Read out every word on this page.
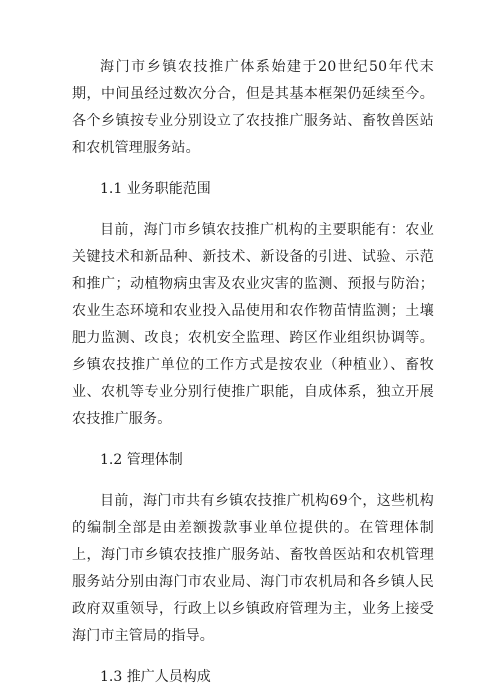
海门市乡镇农技推广体系始建于20世纪50年代末期，中间虽经过数次分合，但是其基本框架仍延续至今。各个乡镇按专业分别设立了农技推广服务站、畜牧兽医站和农机管理服务站。

1.1 业务职能范围

目前，海门市乡镇农技推广机构的主要职能有：农业关键技术和新品种、新技术、新设备的引进、试验、示范和推广；动植物病虫害及农业灾害的监测、预报与防治；农业生态环境和农业投入品使用和农作物苗情监测；土壤肥力监测、改良；农机安全监理、跨区作业组织协调等。乡镇农技推广单位的工作方式是按农业（种植业）、畜牧业、农机等专业分别行使推广职能，自成体系，独立开展农技推广服务。

1.2 管理体制

目前，海门市共有乡镇农技推广机构69个，这些机构的编制全部是由差额拨款事业单位提供的。在管理体制上，海门市乡镇农技推广服务站、畜牧兽医站和农机管理服务站分别由海门市农业局、海门市农机局和各乡镇人民政府双重领导，行政上以乡镇政府管理为主，业务上接受海门市主管局的指导。

1.3 推广人员构成
